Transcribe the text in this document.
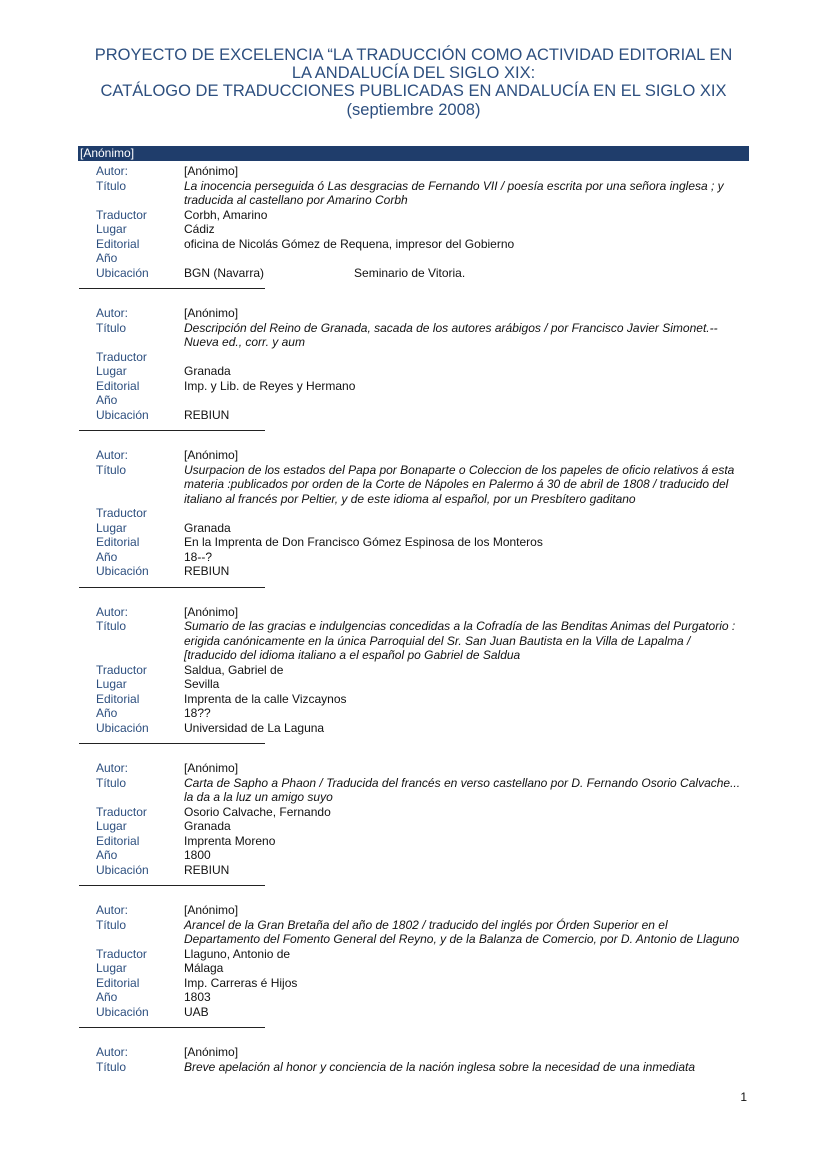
PROYECTO DE EXCELENCIA “LA TRADUCCIÓN COMO ACTIVIDAD EDITORIAL EN
LA ANDALUCÍA DEL SIGLO XIX:
CATÁLOGO DE TRADUCCIONES PUBLICADAS EN ANDALUCÍA EN EL SIGLO XIX
(septiembre 2008)
[Anónimo]
Autor:	[Anónimo]
Título	La inocencia perseguida ó Las desgracias de Fernando VII / poesía escrita por una señora inglesa ; y  traducida al castellano por Amarino Corbh
Traductor	Corbh, Amarino
Lugar	Cádiz
Editorial	oficina de Nicolás Gómez de Requena, impresor del Gobierno
Año
Ubicación	BGN (Navarra)	Seminario de Vitoria.
Autor:	[Anónimo]
Título	Descripción del Reino de Granada, sacada de los autores arábigos / por Francisco Javier Simonet.-- Nueva ed., corr. y aum
Traductor
Lugar	Granada
Editorial	Imp. y Lib. de Reyes y Hermano
Año
Ubicación	REBIUN
Autor:	[Anónimo]
Título	Usurpacion de los estados del Papa por Bonaparte o Coleccion de los papeles de oficio relativos á esta materia :publicados por orden de la Corte de Nápoles en Palermo á 30 de abril de 1808 / traducido del italiano al francés por Peltier, y de este idioma al español, por un Presbítero gaditano
Traductor
Lugar	Granada
Editorial	En la Imprenta de Don Francisco Gómez Espinosa de los Monteros
Año	18--?
Ubicación	REBIUN
Autor:	[Anónimo]
Título	Sumario de las gracias e indulgencias concedidas a la Cofradía de las Benditas Animas del Purgatorio : erigida canónicamente en la única Parroquial del Sr. San Juan Bautista en la Villa de Lapalma / [traducido del idioma italiano a el español po Gabriel de Saldua
Traductor	Saldua, Gabriel de
Lugar	Sevilla
Editorial	Imprenta de la calle Vizcaynos
Año	18??
Ubicación	Universidad de La Laguna
Autor:	[Anónimo]
Título	Carta de Sapho a Phaon / Traducida del francés en verso castellano por D. Fernando Osorio Calvache... la da a la luz un amigo suyo
Traductor	Osorio Calvache, Fernando
Lugar	Granada
Editorial	Imprenta Moreno
Año	1800
Ubicación	REBIUN
Autor:	[Anónimo]
Título	Arancel de la Gran Bretaña del año de 1802 / traducido del inglés por Órden Superior en el Departamento del Fomento General del Reyno, y de la Balanza de Comercio, por D. Antonio de Llaguno
Traductor	Llaguno, Antonio de
Lugar	Málaga
Editorial	Imp. Carreras é Hijos
Año	1803
Ubicación	UAB
Autor:	[Anónimo]
Título	Breve apelación al honor y conciencia de la nación inglesa sobre la necesidad de una inmediata
1
